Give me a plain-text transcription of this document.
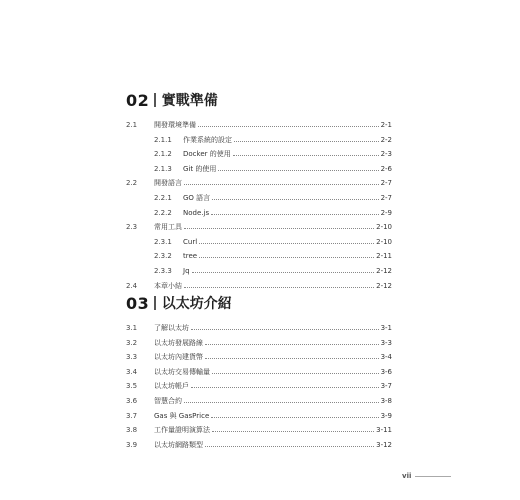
02 實戰準備
2.1	開發環境準備	2-1
2.1.1	作業系統的設定	2-2
2.1.2	Docker 的使用	2-3
2.1.3	Git 的使用	2-6
2.2	開發語言	2-7
2.2.1	GO 語言	2-7
2.2.2	Node.js	2-9
2.3	常用工具	2-10
2.3.1	Curl	2-10
2.3.2	tree	2-11
2.3.3	Jq	2-12
2.4	本章小結	2-12
03 以太坊介紹
3.1	了解以太坊	3-1
3.2	以太坊發展路線	3-3
3.3	以太坊內建貨幣	3-4
3.4	以太坊交易傳輸量	3-6
3.5	以太坊帳戶	3-7
3.6	智慧合約	3-8
3.7	Gas 與 GasPrice	3-9
3.8	工作量證明演算法	3-11
3.9	以太坊網路類型	3-12
vii
